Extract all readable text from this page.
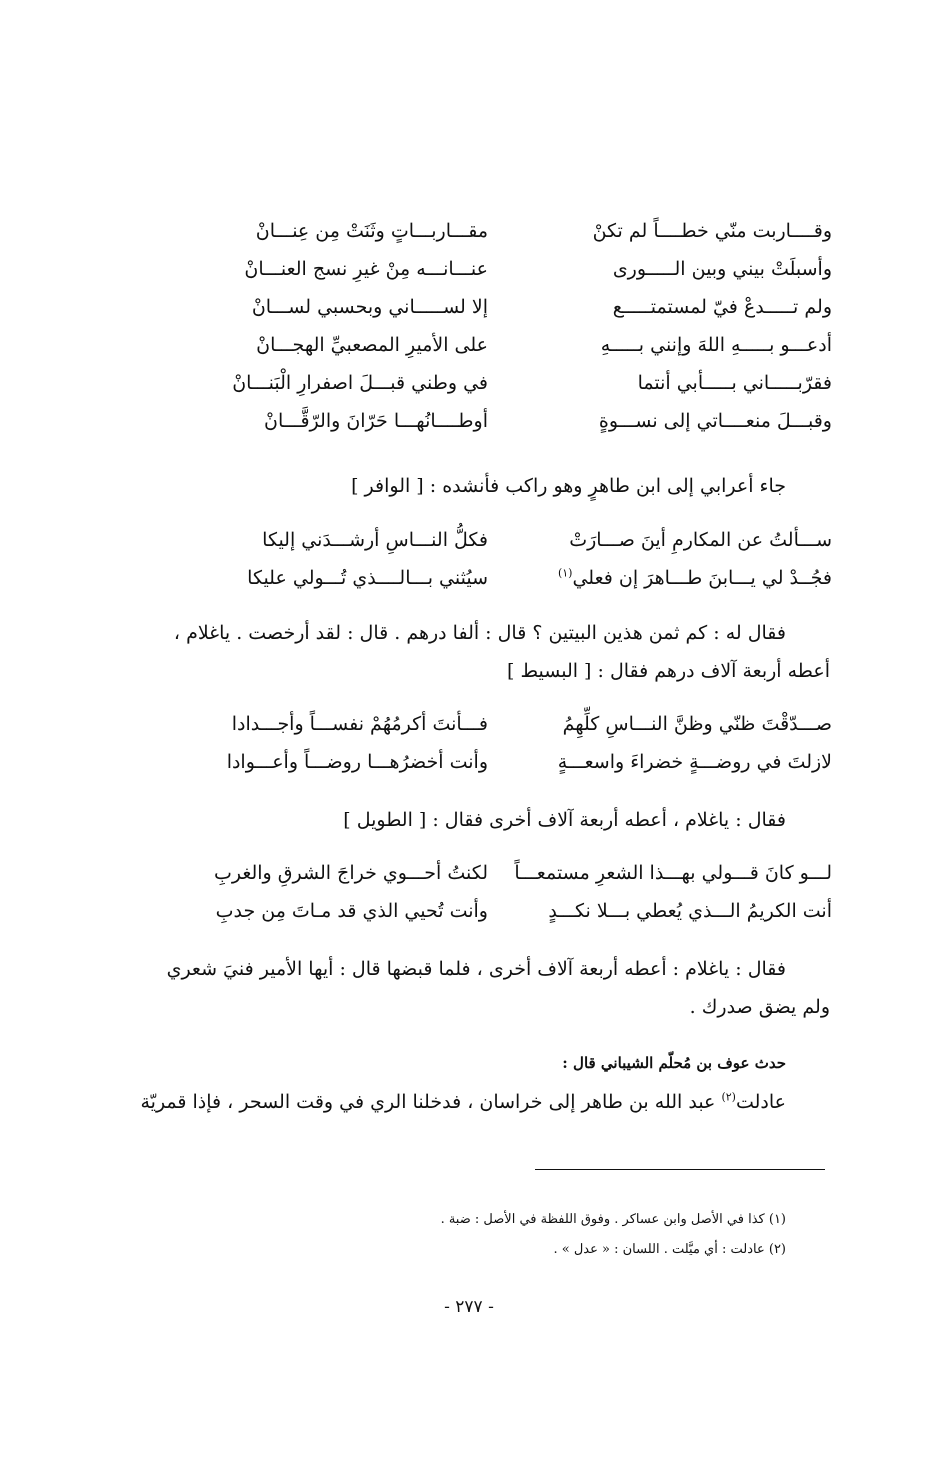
وقــــاربت منّي خطــــاً لم تكنْ
مقـــاربـــاتٍ وثَنَتْ مِن عِنـــانْ
وأسبلَتْ بيني وبين الـــــورى
عنـــانـــه مِنْ غيرِ نسج العنـــانْ
ولم تـــــدعْ فيّ لمستمتـــــع
إلا لســـــاني وبحسبي لســـانْ
أدعـــو بـــــهِ اللهَ وإنني بـــــهِ
على الأميرِ المصعبيِّ الهجـــانْ
فقرّبـــــاني بـــــأبي أنتما
في وطني قبـــلَ اصفرارِ الْبَنـــانْ
وقبـــلَ منعــــاتي إلى نســـوةٍ
أوطــــانُهـــا حَرّانَ والرّقَّـــانْ
جاء أعرابي إلى ابن طاهرٍ وهو راكب فأنشده : [ الوافر ]
ســـألتُ عن المكارمِ أينَ صـــارَتْ
فكلُّ النـــاسِ أرشـــدَني إليكا
فجُــدْ لي يـــابنَ طـــاهرَ إن فعلي$^{(١)}$
سيُثني بـــالــــذي تُـــولي عليكا
فقال له : كم ثمن هذين البيتين ؟ قال : ألفا درهم . قال : لقد أرخصت . ياغلام ، أعطه أربعة آلاف درهم فقال : [ البسيط ]
صـــدّقْتَ ظنّي وظنَّ النـــاسِ كلِّهِمُ
فـــأنتَ أكرمُهُمْ نفســـاً وأجـــدادا
لازلتَ في روضـــةٍ خضراءَ واسعـــةٍ
وأنت أخضرُهـــا روضـــاً وأعـــوادا
فقال : ياغلام ، أعطه أربعة آلاف أخرى فقال : [ الطويل ]
لـــو كانَ قـــولي بهـــذا الشعرِ مستمعـــاً
لكنتُ أحـــوي خراجَ الشرقِ والغربِ
أنت الكريمُ الـــذي يُعطي بـــلا نكـــدٍ
وأنت تُحيي الذي قد مـاتَ مِن جدبِ
فقال : ياغلام : أعطه أربعة آلاف أخرى ، فلما قبضها قال : أيها الأمير فنيَ شعري ولم يضق صدرك .
حدث عوف بن مُحلّم الشيباني قال :
عادلت$^{(٢)}$ عبد الله بن طاهر إلى خراسان ، فدخلنا الري في وقت السحر ، فإذا قمريّة
(١) كذا في الأصل وابن عساكر . وفوق اللفظة في الأصل : ضبة .
(٢) عادلت : أي ميَّلت . اللسان : « عدل » .
- ٢٧٧ -
